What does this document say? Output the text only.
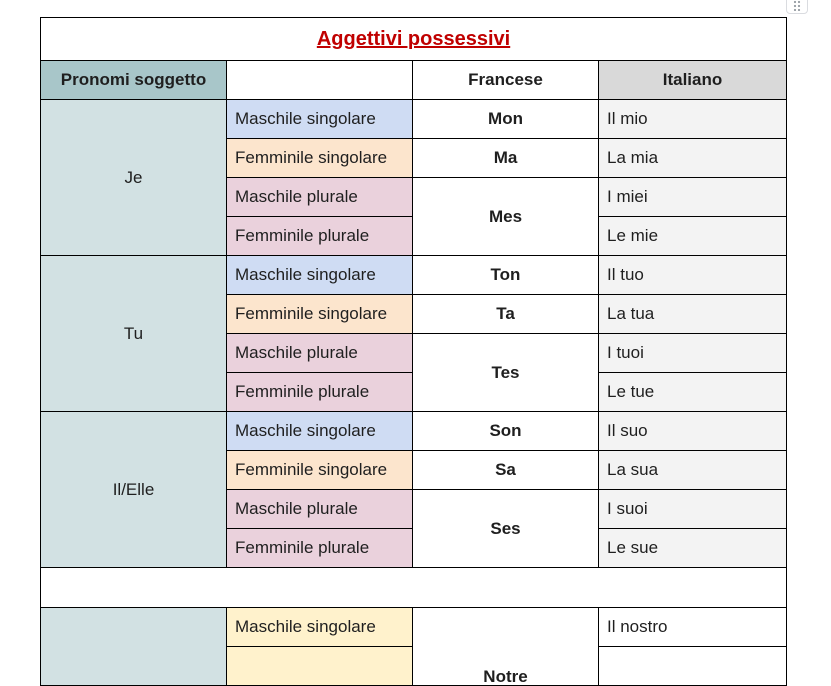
Aggettivi possessivi			
Pronomi soggetto		Francese	Italiano
Je	Maschile singolare	Mon	Il mio
	Femminile singolare	Ma	La mia
	Maschile plurale	Mes	I miei
	Femminile plurale		Le mie
Tu	Maschile singolare	Ton	Il tuo
	Femminile singolare	Ta	La tua
	Maschile plurale	Tes	I tuoi
	Femminile plurale		Le tue
Il/Elle	Maschile singolare	Son	Il suo
	Femminile singolare	Sa	La sua
	Maschile plurale	Ses	I suoi
	Femminile plurale		Le sue

	Maschile singolare	Notre	Il nostro
